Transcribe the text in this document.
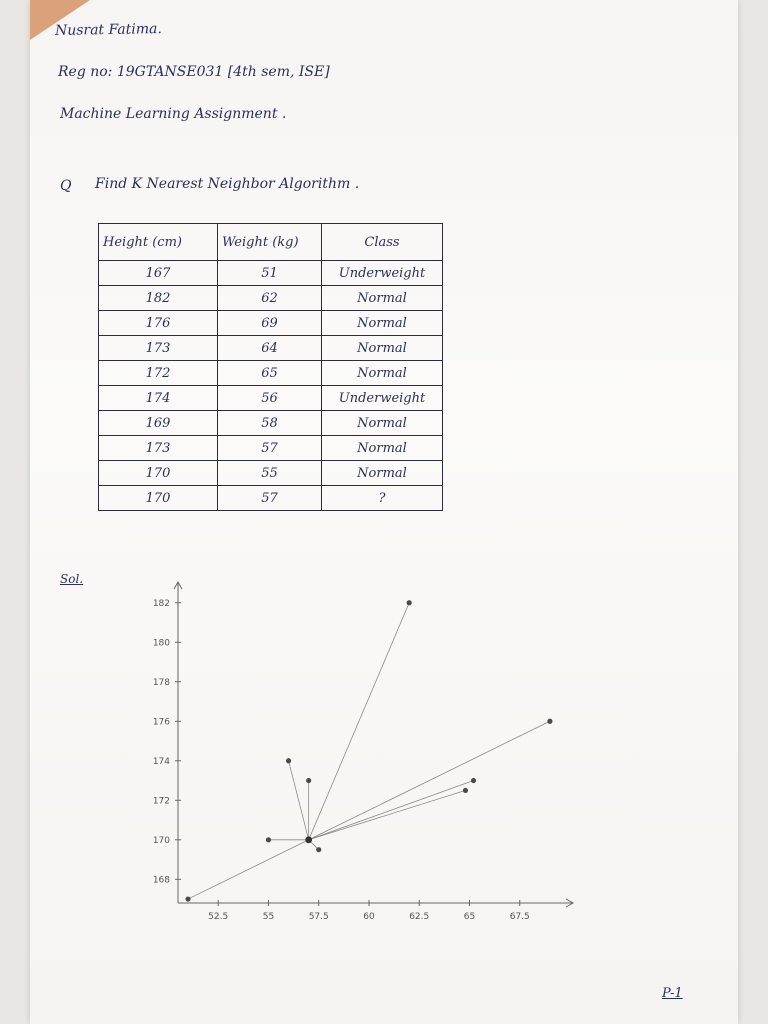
Nusrat Fatima.
Reg no: 19GTANSE031 [4th sem, ISE]
Machine Learning Assignment .
Q Find K Nearest Neighbor Algorithm .
Height (cm)	Weight (kg)	Class
167	51	Underweight
182	62	Normal
176	69	Normal
173	64	Normal
172	65	Normal
174	56	Underweight
169	58	Normal
173	57	Normal
170	55	Normal
170	57	?
Sol.
52.5	55	57.5	60	62.5	65	67.5
168
170
172
174
176
178
180
182
P-1
